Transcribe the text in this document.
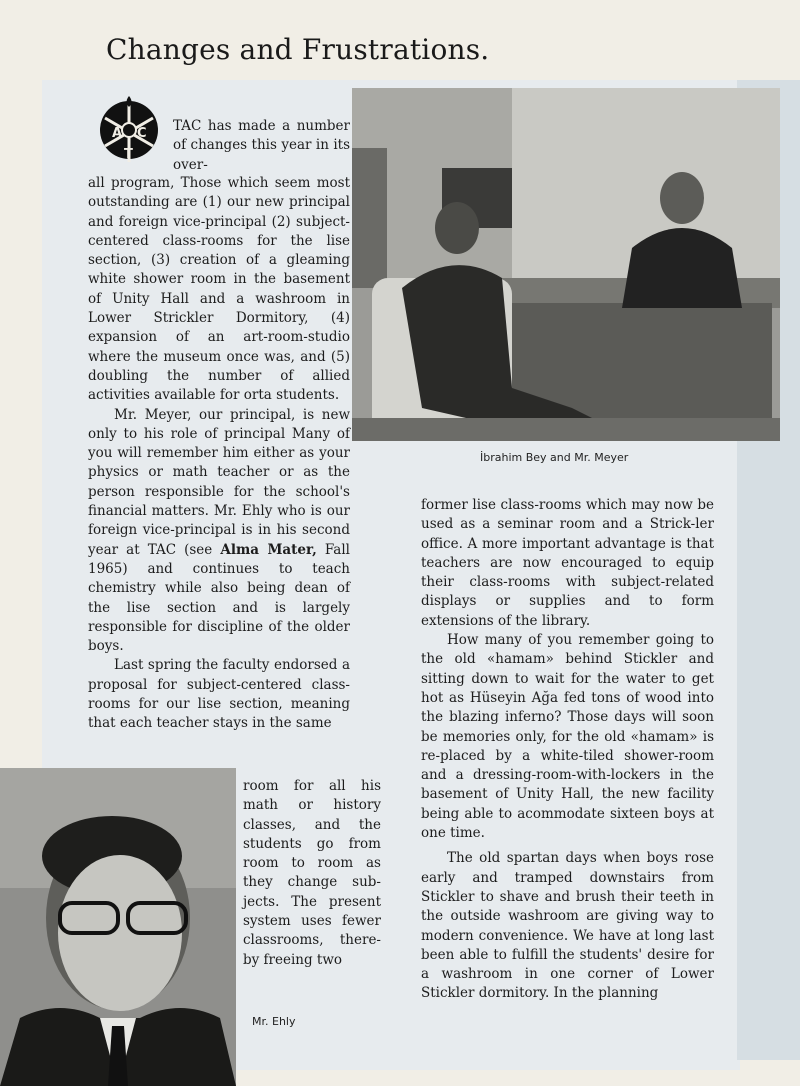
Changes and Frustrations.
A
T
C
İbrahim Bey and Mr. Meyer
Mr. Ehly

TAC has made a number of changes this year in its over-

all program, Those which seem most outstanding are (1) our new principal and foreign vice-principal (2) subject-centered class-rooms for the lise section, (3) creation of a gleaming white shower room in the basement of Unity Hall and a washroom in Lower Strickler Dormitory, (4) expansion of an art-room-studio where the museum once was, and (5) doubling the number of allied activities available for orta students.

Mr. Meyer, our principal, is new only to his role of principal Many of you will remember him either as your physics or math teacher or as the person responsible for the school's financial matters. Mr. Ehly who is our foreign vice-principal is in his second year at TAC (see Alma Mater, Fall 1965) and continues to teach chemistry while also being dean of the lise section and is largely responsible for discipline of the older boys.

Last spring the faculty endorsed a proposal for subject-centered class-rooms for our lise section, meaning that each teacher stays in the same

room for all his math or history classes, and the students go from room to room as they change sub-jects. The present system uses fewer classrooms, there-by freeing two

former lise class-rooms which may now be used as a seminar room and a Strick-ler office. A more important advantage is that teachers are now encouraged to equip their class-rooms with subject-related displays or supplies and to form extensions of the library.

How many of you remember going to the old «hamam» behind Stickler and sitting down to wait for the water to get hot as Hüseyin Ağa fed tons of wood into the blazing inferno? Those days will soon be memories only, for the old «hamam» is re-placed by a white-tiled shower-room and a dressing-room-with-lockers in the basement of Unity Hall, the new facility being able to acommodate sixteen boys at one time.

The old spartan days when boys rose early and tramped downstairs from Stickler to shave and brush their teeth in the outside washroom are giving way to modern convenience. We have at long last been able to fulfill the students' desire for a washroom in one corner of Lower Stickler dormitory. In the planning
